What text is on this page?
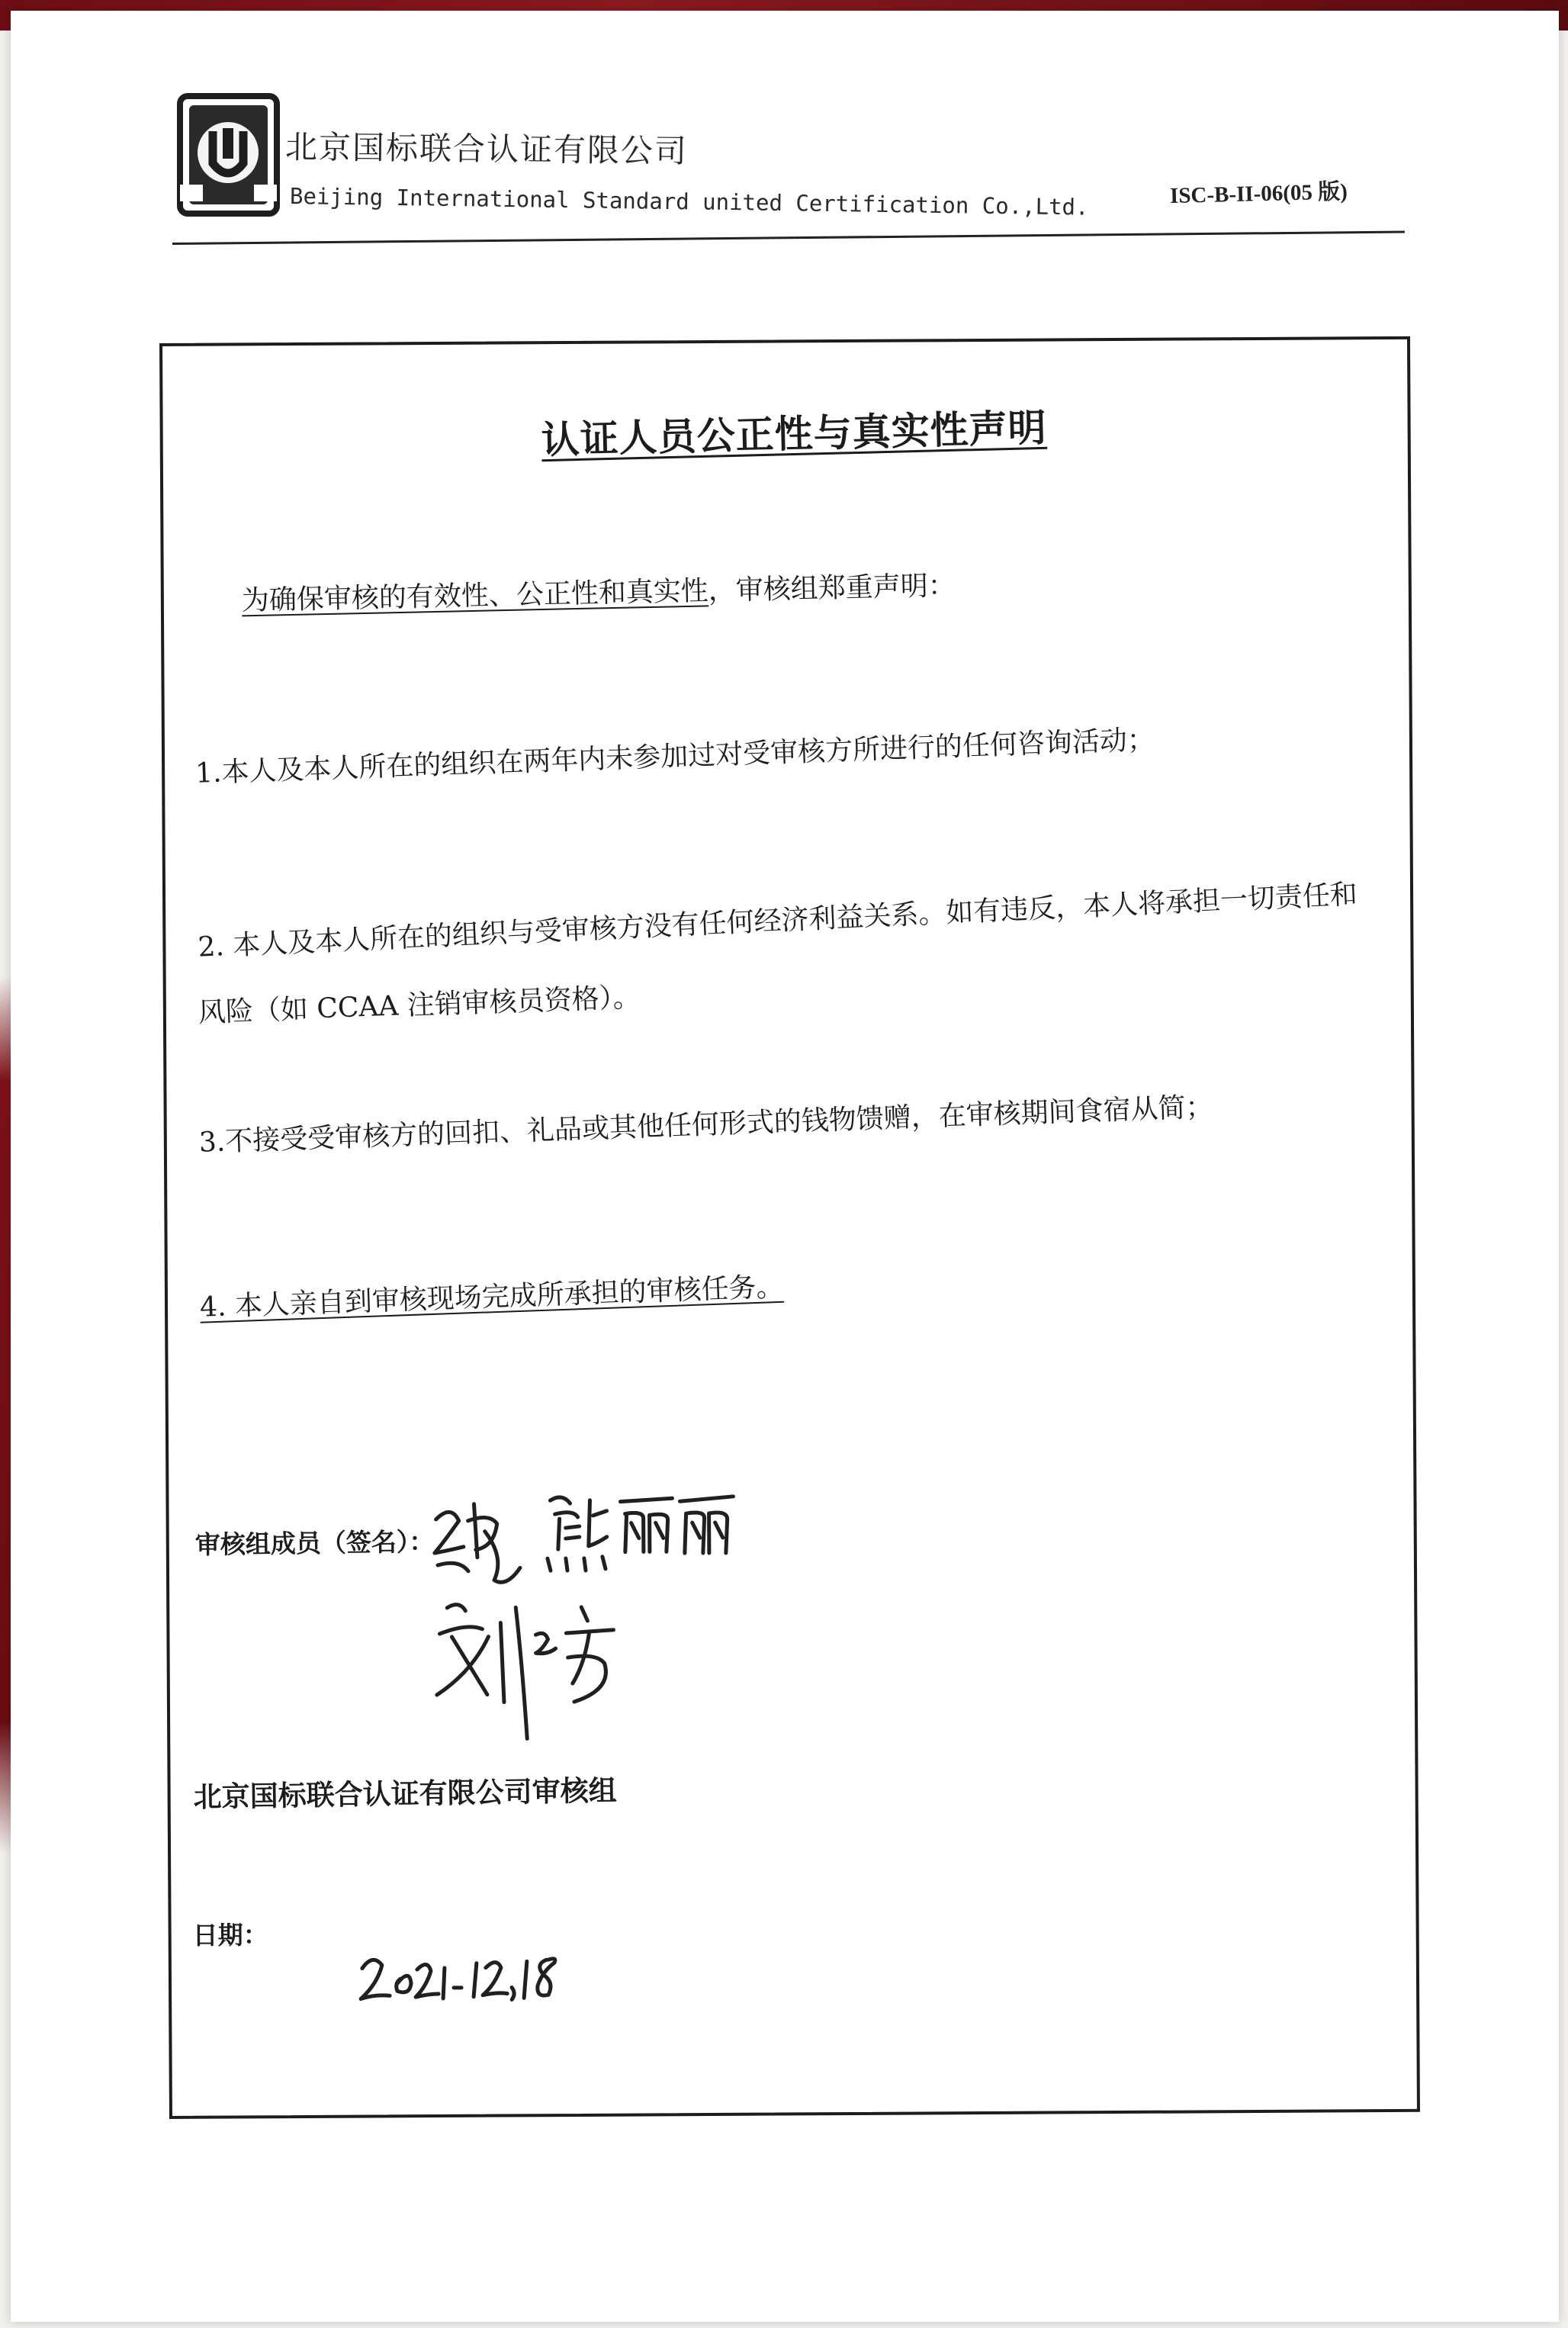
北京国标联合认证有限公司
Beijing International Standard united Certification Co.,Ltd.	ISC-B-II-06(05 版)
认证人员公正性与真实性声明
为确保审核的有效性、公正性和真实性，审核组郑重声明：
1.本人及本人所在的组织在两年内未参加过对受审核方所进行的任何咨询活动；
2. 本人及本人所在的组织与受审核方没有任何经济利益关系。如有违反，本人将承担一切责任和
风险（如 CCAA 注销审核员资格）。
3.不接受受审核方的回扣、礼品或其他任何形式的钱物馈赠，在审核期间食宿从简；
4. 本人亲自到审核现场完成所承担的审核任务。
审核组成员（签名）：
北京国标联合认证有限公司审核组
日期：
